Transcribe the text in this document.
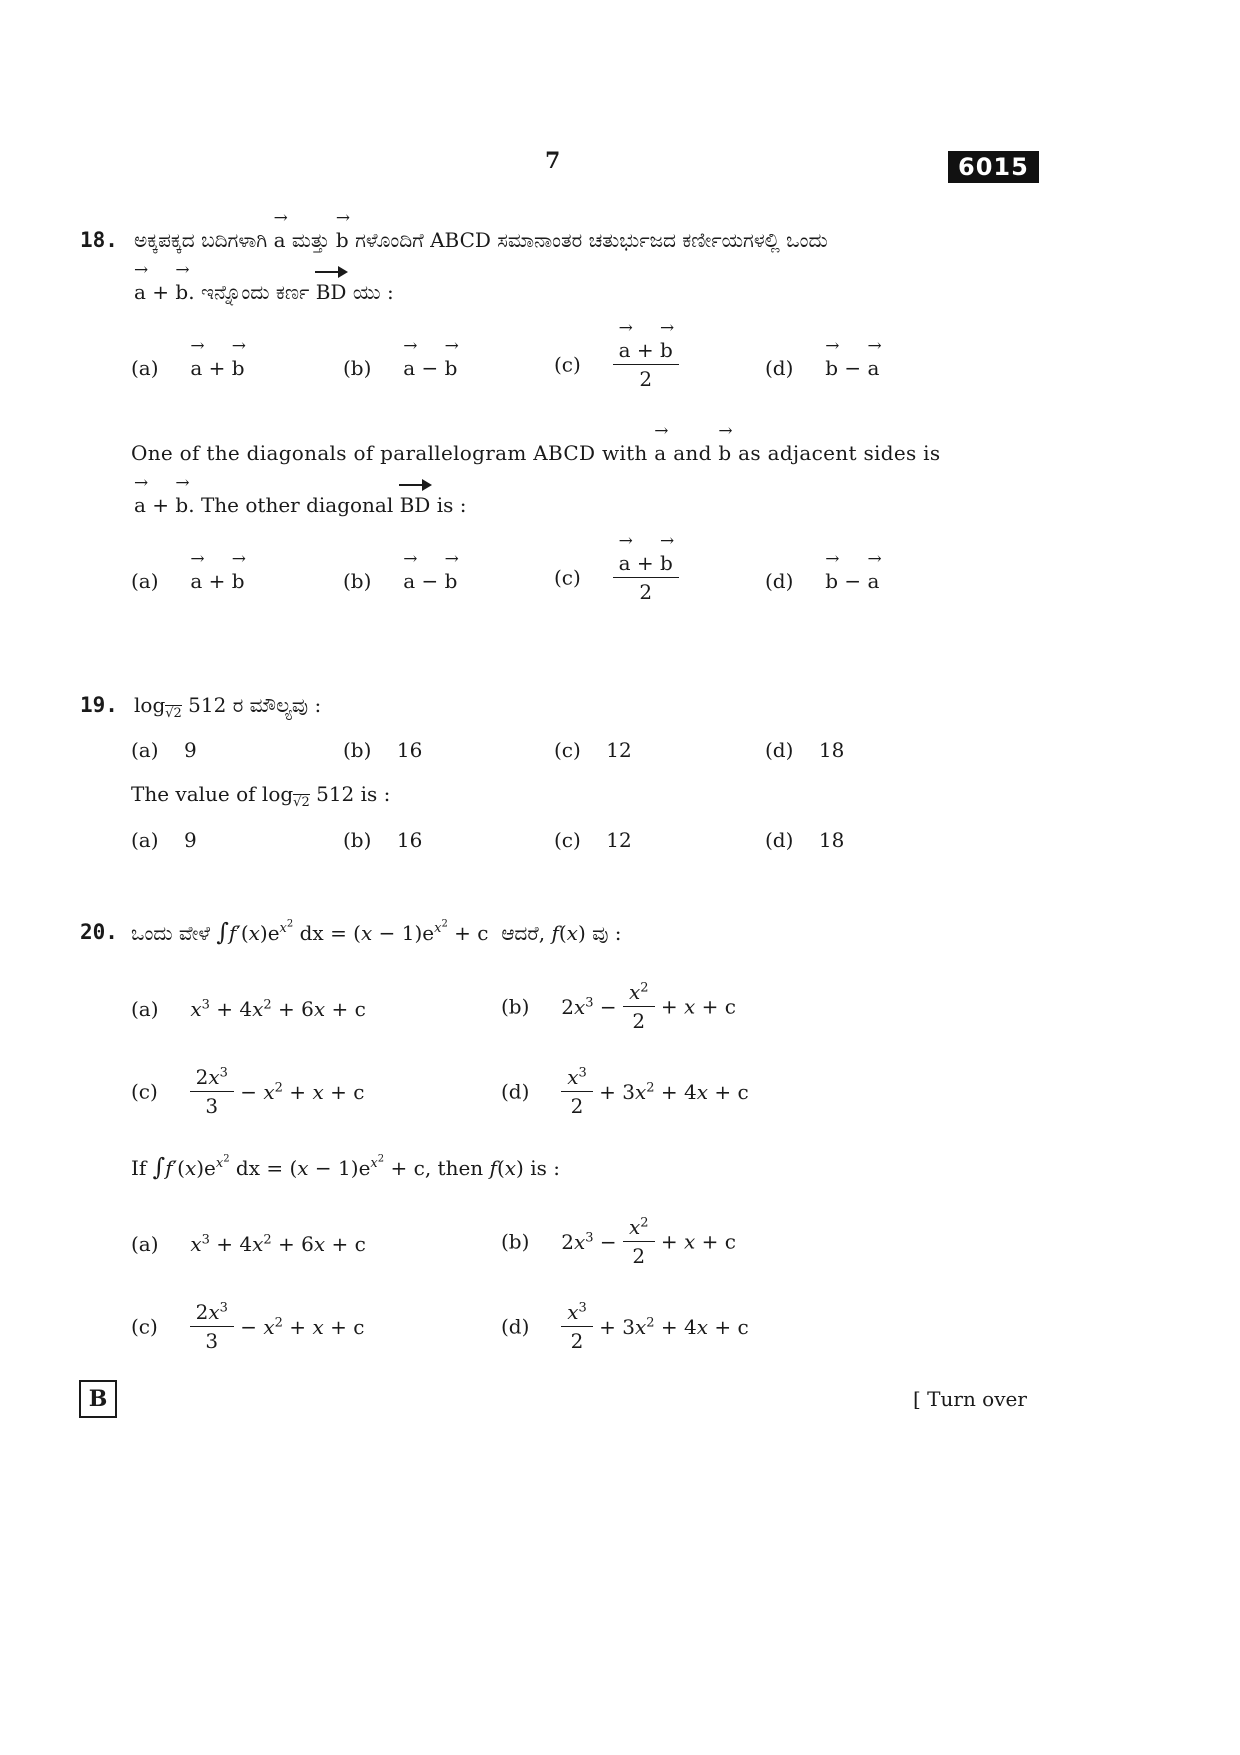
7	6015
18. ಅಕ್ಕಪಕ್ಕದ ಬದಿಗಳಾಗಿ → a ಮತ್ತು → b ಗಳೊಂದಿಗೆ ABCD ಸಮಾನಾಂತರ ಚತುರ್ಭುಜದ ಕರ್ಣೀಯಗಳಲ್ಲಿ ಒಂದು
→ a + → b. ಇನ್ನೊಂದು ಕರ್ಣ BD ಯು :
(a)     → a + → b	(b)     → a − → b	(c)
→ $\frac{a + \to b}{2}$	(d)     → b − → a
One of the diagonals of parallelogram ABCD with → a and → b as adjacent sides is
→ a + → b. The other diagonal BD is :
(a)     → a + → b	(b)     → a − → b	(c)
→ $\frac{a + \to b}{2}$	(d)     → b − → a
19. $\log_{√2} 512$ ರ ಮೌಲ್ಯವು :
(a) 9	(b) 16	(c) 12	(d) 18
The value of $\log_{√2} 512$ is :
(a) 9	(b) 16	(c) 12	(d) 18
20. ಒಂದು ವೇಳೆ $\int f'(x)e^{x^2}$ dx = $(x - 1)e^{x^2} + c$  ಆದರೆ, f(x) ವು :
(a) $x^3 + 4x^2 + 6x + c$	(b) $2x^3 - \frac{x^2}{2} + x + c$
$(c) \frac{2x^3}{3} - x^2 + x + c$	$(d) \frac{x^3}{2} + 3x^2 + 4x + c$
If $\int f'(x)e^{x^2}$ dx = $(x - 1)e^{x^2} + c$, then f(x) is :
(a) $x^3 + 4x^2 + 6x + c$	(b) $2x^3 - \frac{x^2}{2} + x + c$
$(c) \frac{2x^3}{3} - x^2 + x + c$	$(d) \frac{x^3}{2} + 3x^2 + 4x + c$
B	[ Turn over
